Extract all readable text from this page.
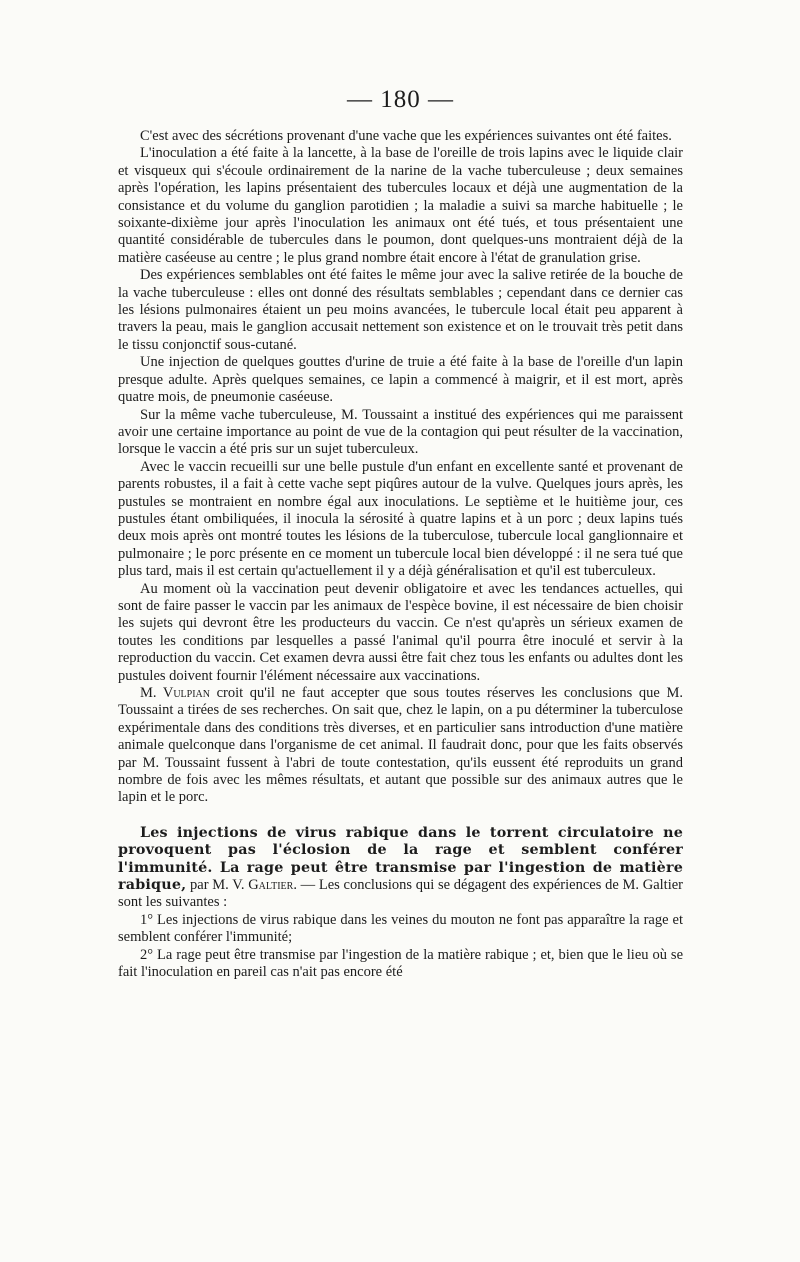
— 180 —

C'est avec des sécrétions provenant d'une vache que les expériences suivantes ont été faites.

L'inoculation a été faite à la lancette, à la base de l'oreille de trois lapins avec le liquide clair et visqueux qui s'écoule ordinairement de la narine de la vache tuberculeuse ; deux semaines après l'opération, les lapins présentaient des tubercules locaux et déjà une augmentation de la consistance et du volume du ganglion parotidien ; la maladie a suivi sa marche habituelle ; le soixante-dixième jour après l'inoculation les animaux ont été tués, et tous présentaient une quantité considérable de tubercules dans le poumon, dont quelques-uns montraient déjà de la matière caséeuse au centre ; le plus grand nombre était encore à l'état de granulation grise.

Des expériences semblables ont été faites le même jour avec la salive retirée de la bouche de la vache tuberculeuse : elles ont donné des résultats semblables ; cependant dans ce dernier cas les lésions pulmonaires étaient un peu moins avancées, le tubercule local était peu apparent à travers la peau, mais le ganglion accusait nettement son existence et on le trouvait très petit dans le tissu conjonctif sous-cutané.

Une injection de quelques gouttes d'urine de truie a été faite à la base de l'oreille d'un lapin presque adulte. Après quelques semaines, ce lapin a commencé à maigrir, et il est mort, après quatre mois, de pneumonie caséeuse.

Sur la même vache tuberculeuse, M. Toussaint a institué des expériences qui me paraissent avoir une certaine importance au point de vue de la contagion qui peut résulter de la vaccination, lorsque le vaccin a été pris sur un sujet tuberculeux.

Avec le vaccin recueilli sur une belle pustule d'un enfant en excellente santé et provenant de parents robustes, il a fait à cette vache sept piqûres autour de la vulve. Quelques jours après, les pustules se montraient en nombre égal aux inoculations. Le septième et le huitième jour, ces pustules étant ombiliquées, il inocula la sérosité à quatre lapins et à un porc ; deux lapins tués deux mois après ont montré toutes les lésions de la tuberculose, tubercule local ganglionnaire et pulmonaire ; le porc présente en ce moment un tubercule local bien développé : il ne sera tué que plus tard, mais il est certain qu'actuellement il y a déjà généralisation et qu'il est tuberculeux.

Au moment où la vaccination peut devenir obligatoire et avec les tendances actuelles, qui sont de faire passer le vaccin par les animaux de l'espèce bovine, il est nécessaire de bien choisir les sujets qui devront être les producteurs du vaccin. Ce n'est qu'après un sérieux examen de toutes les conditions par lesquelles a passé l'animal qu'il pourra être inoculé et servir à la reproduction du vaccin. Cet examen devra aussi être fait chez tous les enfants ou adultes dont les pustules doivent fournir l'élément nécessaire aux vaccinations.

M. Vulpian croit qu'il ne faut accepter que sous toutes réserves les conclusions que M. Toussaint a tirées de ses recherches. On sait que, chez le lapin, on a pu déterminer la tuberculose expérimentale dans des conditions très diverses, et en particulier sans introduction d'une matière animale quelconque dans l'organisme de cet animal. Il faudrait donc, pour que les faits observés par M. Toussaint fussent à l'abri de toute contestation, qu'ils eussent été reproduits un grand nombre de fois avec les mêmes résultats, et autant que possible sur des animaux autres que le lapin et le porc.

Les injections de virus rabique dans le torrent circulatoire ne provoquent pas l'éclosion de la rage et semblent conférer l'immunité. La rage peut être transmise par l'ingestion de matière rabique, par M. V. Galtier. — Les conclusions qui se dégagent des expériences de M. Galtier sont les suivantes :

1° Les injections de virus rabique dans les veines du mouton ne font pas apparaître la rage et semblent conférer l'immunité;

2° La rage peut être transmise par l'ingestion de la matière rabique ; et, bien que le lieu où se fait l'inoculation en pareil cas n'ait pas encore été
